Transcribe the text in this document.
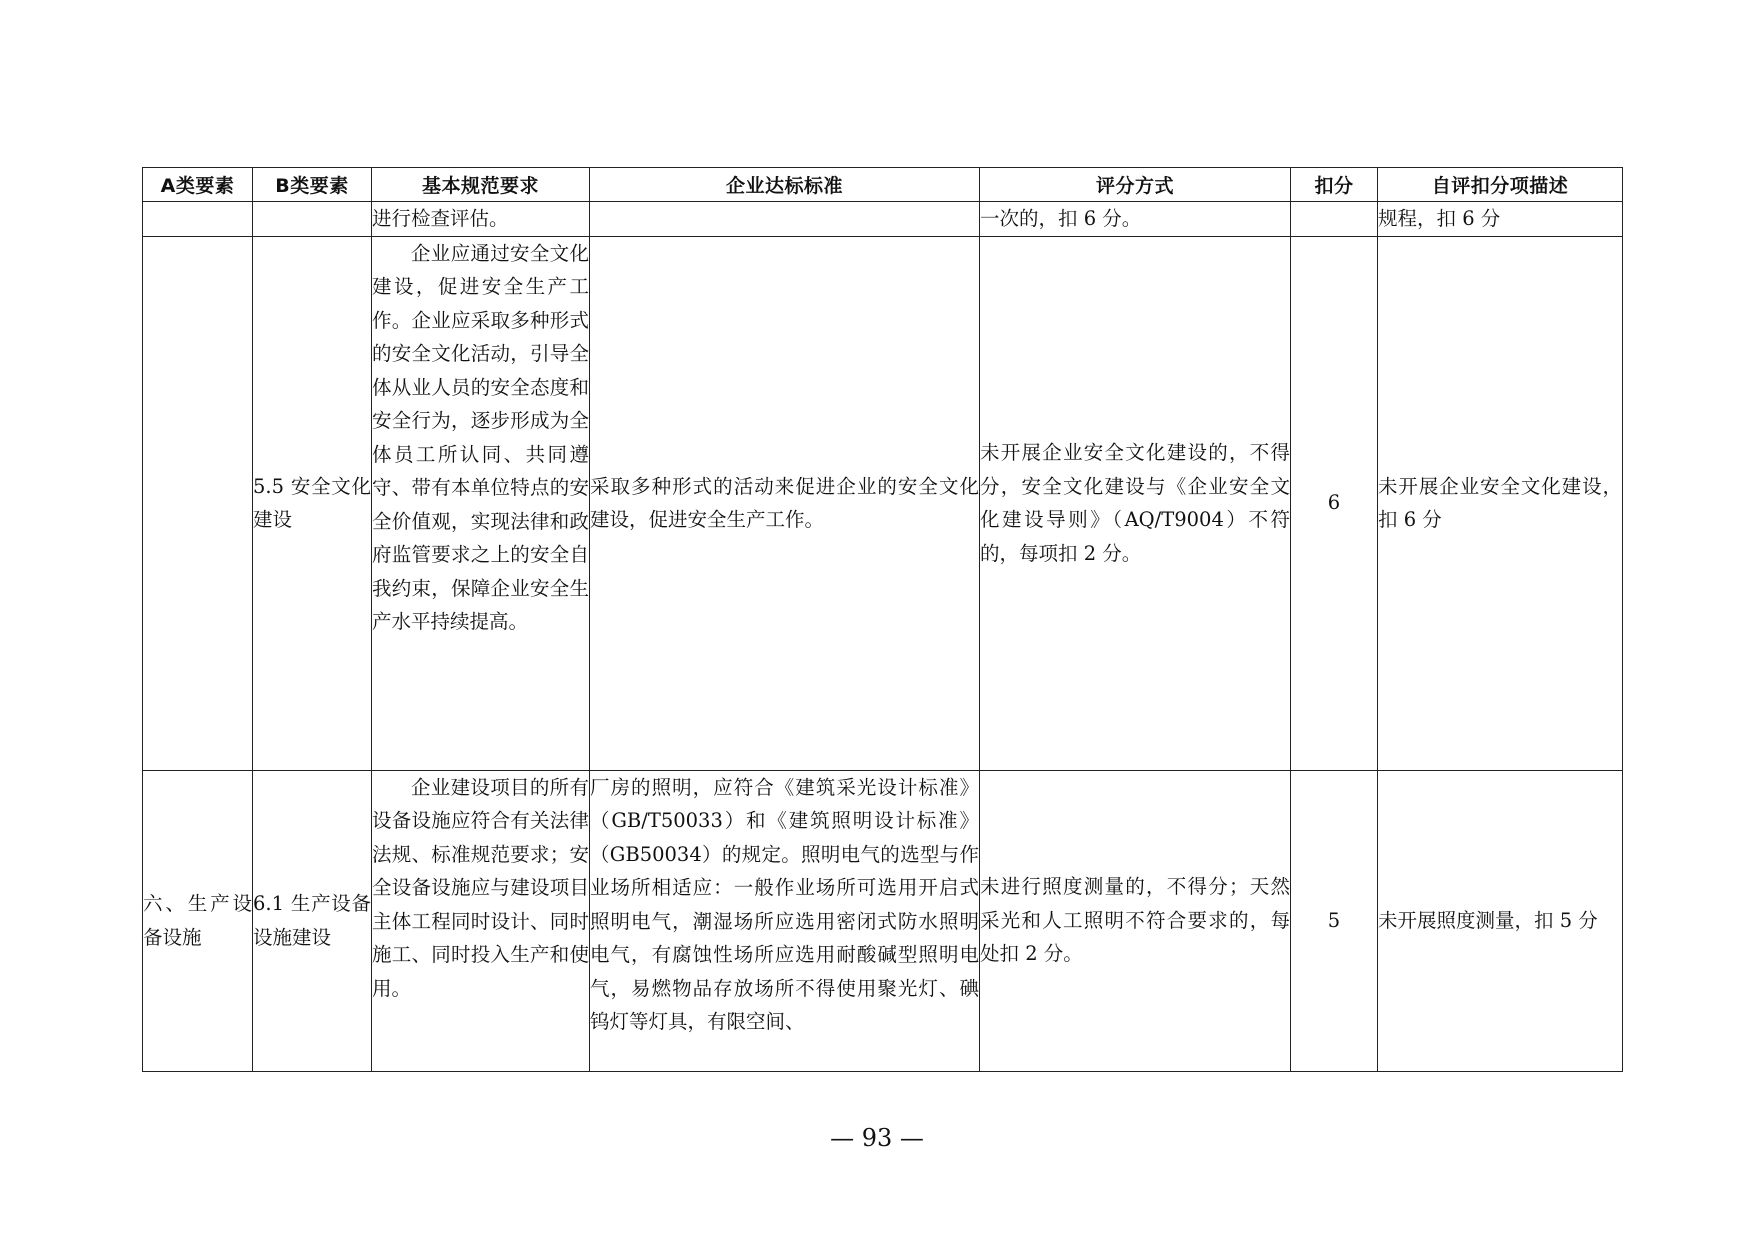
A类要素	B类要素	基本规范要求	企业达标标准	评分方式	扣分	自评扣分项描述
		进行检查评估。		一次的，扣 6 分。		规程，扣 6 分
	5.5 安全文化 建设	企业应通过安全文化建设，促进安全生产工作。企业应采取多种形式的安全文化活动，引导全体从业人员的安全态度和安全行为，逐步形成为全体员工所认同、共同遵守、带有本单位特点的安全价值观，实现法律和政府监管要求之上的安全自我约束，保障企业安全生产水平持续提高。	采取多种形式的活动来促进企业的安全文化建设，促进安全生产工作。	未开展企业安全文化建设的，不得分，安全文化建设与《企业安全文化建设导则》（AQ/T9004）不符的，每项扣 2 分。	6	未开展企业安全文化建设，扣 6 分
六、生产设备设施	6.1 生产设备设施建设	企业建设项目的所有设备设施应符合有关法律法规、标准规范要求；安全设备设施应与建设项目主体工程同时设计、同时施工、同时投入生产和使用。	厂房的照明，应符合《建筑采光设计标准》（GB/T50033）和《建筑照明设计标准》（GB50034）的规定。照明电气的选型与作业场所相适应：一般作业场所可选用开启式照明电气，潮湿场所应选用密闭式防水照明电气，有腐蚀性场所应选用耐酸碱型照明电气，易燃物品存放场所不得使用聚光灯、碘钨灯等灯具，有限空间、	未进行照度测量的，不得分；天然采光和人工照明不符合要求的，每处扣 2 分。	5	未开展照度测量，扣 5 分
— 93 —
